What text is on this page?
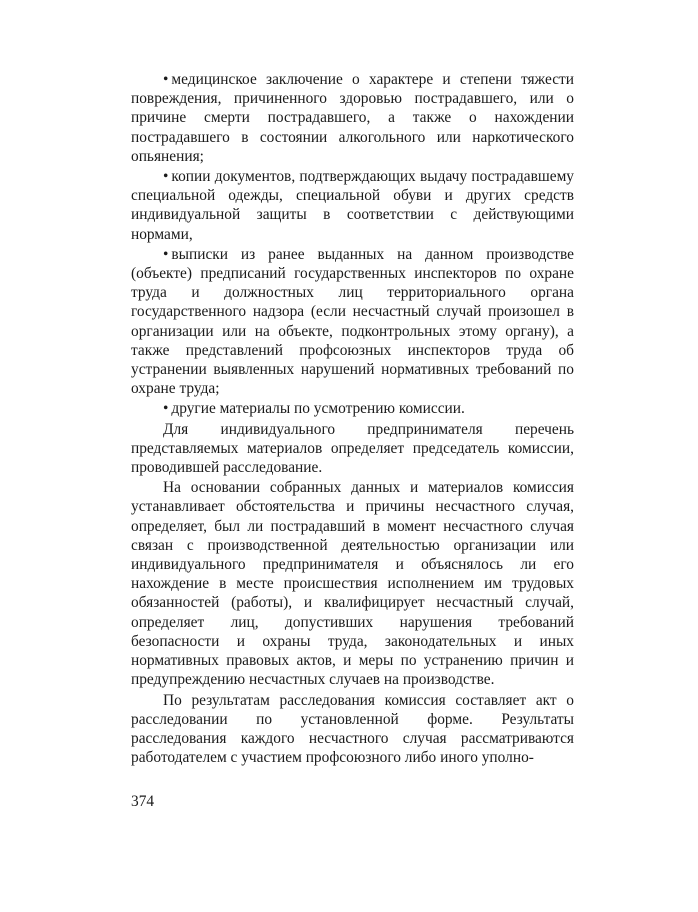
• медицинское заключение о характере и степени тяжести повреждения, причиненного здоровью пострадавшего, или о причине смерти пострадавшего, а также о нахождении пострадавшего в состоянии алкогольного или наркотического опьянения;

• копии документов, подтверждающих выдачу пострадавшему специальной одежды, специальной обуви и других средств индивидуальной защиты в соответствии с действующими нормами,

• выписки из ранее выданных на данном производстве (объекте) предписаний государственных инспекторов по охране труда и должностных лиц территориального органа государственного надзора (если несчастный случай произошел в организации или на объекте, подконтрольных этому органу), а также представлений профсоюзных инспекторов труда об устранении выявленных нарушений нормативных требований по охране труда;

• другие материалы по усмотрению комиссии.

Для индивидуального предпринимателя перечень представляемых материалов определяет председатель комиссии, проводившей расследование.

На основании собранных данных и материалов комиссия устанавливает обстоятельства и причины несчастного случая, определяет, был ли пострадавший в момент несчастного случая связан с производственной деятельностью организации или индивидуального предпринимателя и объяснялось ли его нахождение в месте происшествия исполнением им трудовых обязанностей (работы), и квалифицирует несчастный случай, определяет лиц, допустивших нарушения требований безопасности и охраны труда, законодательных и иных нормативных правовых актов, и меры по устранению причин и предупреждению несчастных случаев на производстве.

По результатам расследования комиссия составляет акт о расследовании по установленной форме. Результаты расследования каждого несчастного случая рассматриваются работодателем с участием профсоюзного либо иного уполно-

374
